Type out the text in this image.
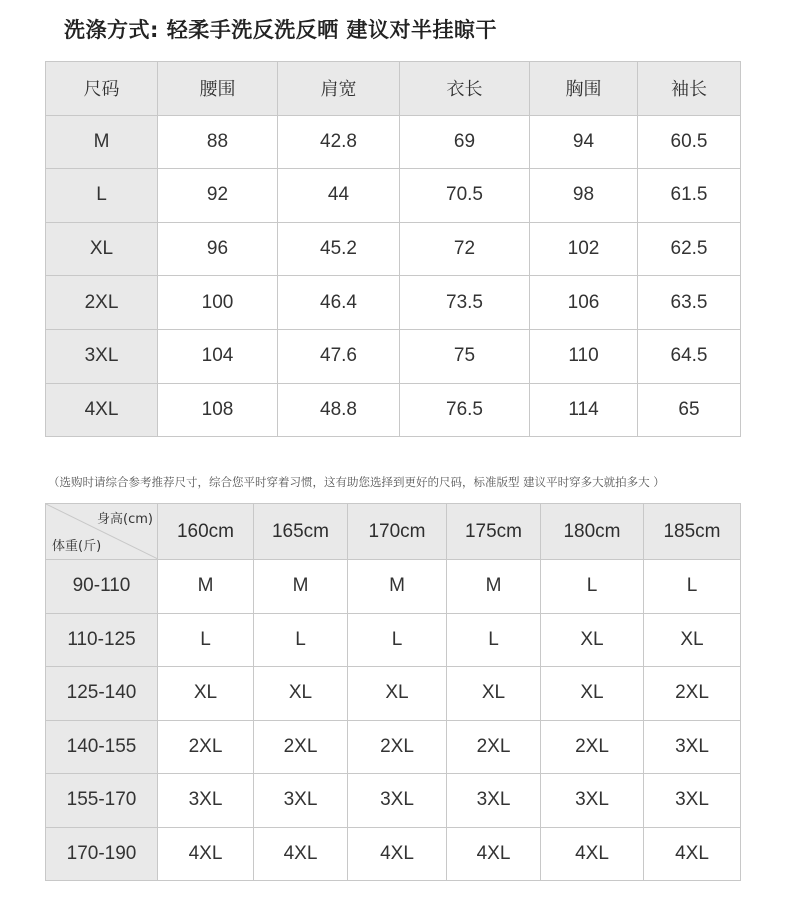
洗涤方式: 轻柔手洗反洗反晒 建议对半挂晾干
尺码	腰围	肩宽	衣长	胸围	袖长
M	88	42.8	69	94	60.5
L	92	44	70.5	98	61.5
XL	96	45.2	72	102	62.5
2XL	100	46.4	73.5	106	63.5
3XL	104	47.6	75	110	64.5
4XL	108	48.8	76.5	114	65

（选购时请综合参考推荐尺寸，综合您平时穿着习惯，这有助您选择到更好的尺码，标准版型 建议平时穿多大就拍多大 ）

身高(cm)
体重(斤)	160cm	165cm	170cm	175cm	180cm	185cm
90-110	M	M	M	M	L	L
110-125	L	L	L	L	XL	XL
125-140	XL	XL	XL	XL	XL	2XL
140-155	2XL	2XL	2XL	2XL	2XL	3XL
155-170	3XL	3XL	3XL	3XL	3XL	3XL
170-190	4XL	4XL	4XL	4XL	4XL	4XL
